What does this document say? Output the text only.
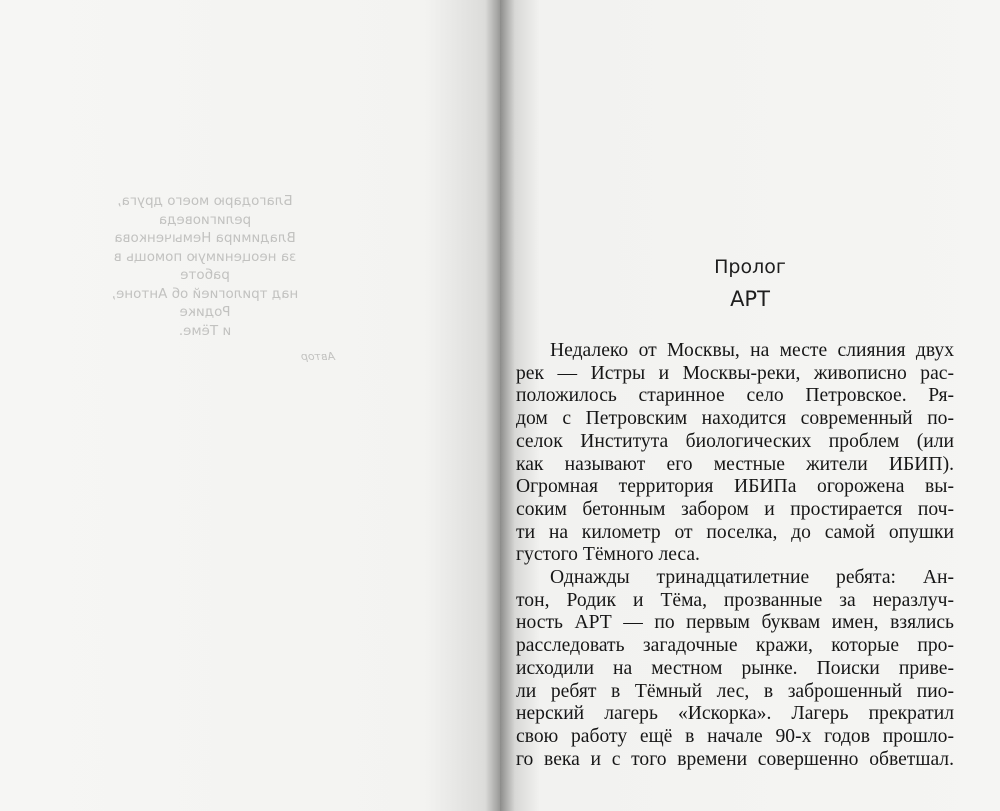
Благодарю моего друга, религиоведа
Владимира Немыченкова
за неоценимую помощь в работе
над трилогией об Антоне, Родике
и Тёме.
Автор
Пролог
АРТ
Недалеко от Москвы, на месте слияния двух
рек — Истры и Москвы-реки, живописно рас-
положилось старинное село Петровское. Ря-
дом с Петровским находится современный по-
селок Института биологических проблем (или
как называют его местные жители ИБИП).
Огромная территория ИБИПа огорожена вы-
соким бетонным забором и простирается поч-
ти на километр от поселка, до самой опушки
густого Тёмного леса.
Однажды тринадцатилетние ребята: Ан-
тон, Родик и Тёма, прозванные за неразлуч-
ность АРТ — по первым буквам имен, взялись
расследовать загадочные кражи, которые про-
исходили на местном рынке. Поиски приве-
ли ребят в Тёмный лес, в заброшенный пио-
нерский лагерь «Искорка». Лагерь прекратил
свою работу ещё в начале 90-х годов прошло-
го века и с того времени совершенно обветшал.
